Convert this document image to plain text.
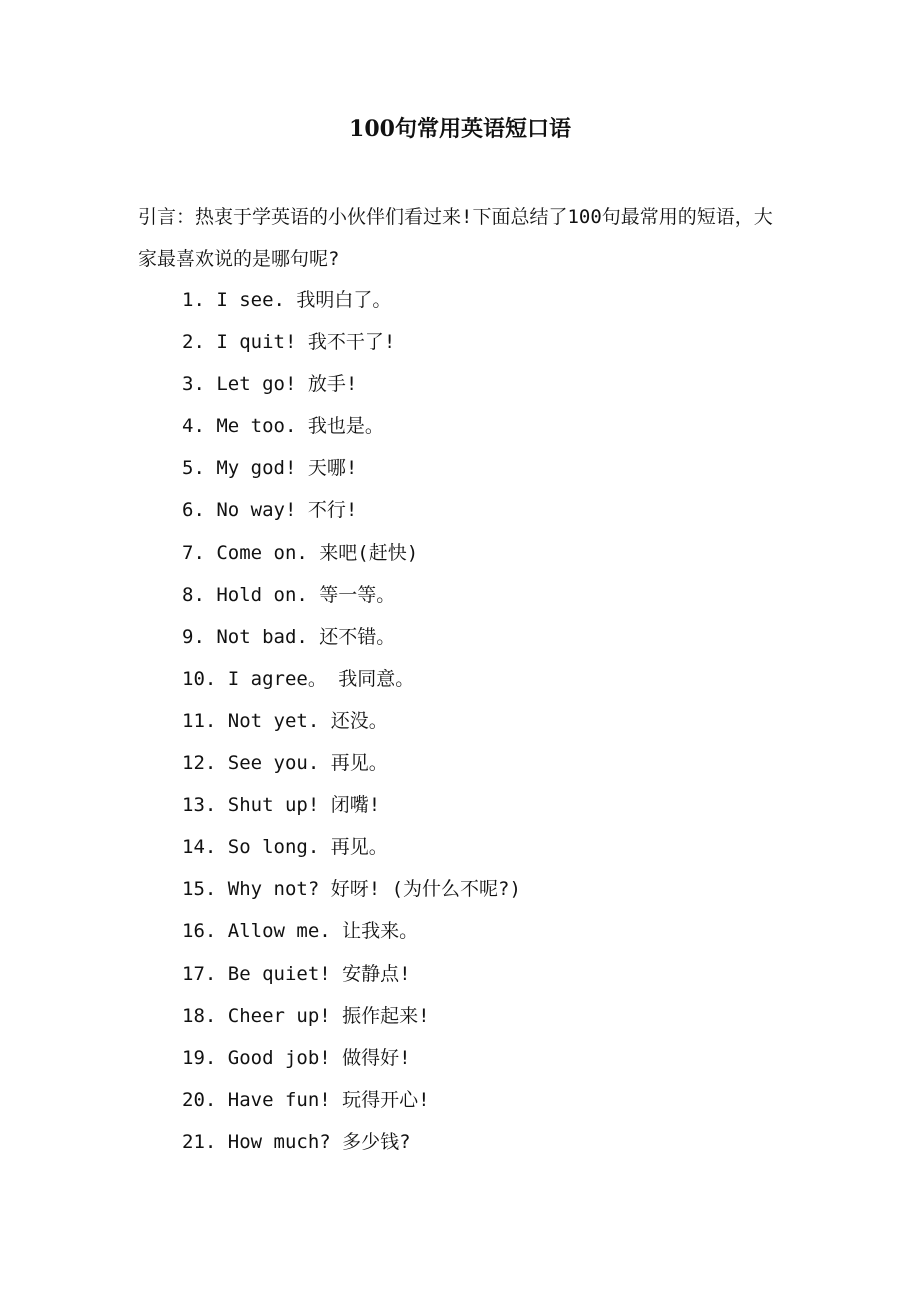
100句常用英语短口语
引言：热衷于学英语的小伙伴们看过来!下面总结了100句最常用的短语，大家最喜欢说的是哪句呢?
1. I see. 我明白了。
2. I quit! 我不干了!
3. Let go! 放手!
4. Me too. 我也是。
5. My god! 天哪!
6. No way! 不行!
7. Come on. 来吧(赶快)
8. Hold on. 等一等。
9. Not bad. 还不错。
10. I agree。 我同意。
11. Not yet. 还没。
12. See you. 再见。
13. Shut up! 闭嘴!
14. So long. 再见。
15. Why not? 好呀! (为什么不呢?)
16. Allow me. 让我来。
17. Be quiet! 安静点!
18. Cheer up! 振作起来!
19. Good job! 做得好!
20. Have fun! 玩得开心!
21. How much? 多少钱?
